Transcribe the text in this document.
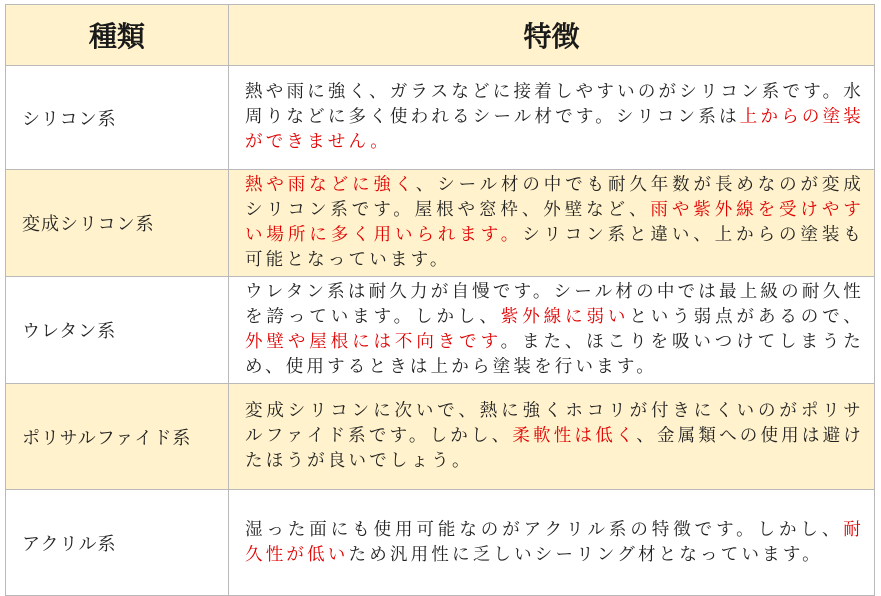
種類	特徴
シリコン系	熱や雨に強く、ガラスなどに接着しやすいのがシリコン系です。水周りなどに多く使われるシール材です。シリコン系は上からの塗装ができません。
変成シリコン系	熱や雨などに強く、シール材の中でも耐久年数が長めなのが変成シリコン系です。屋根や窓枠、外壁など、雨や紫外線を受けやすい場所に多く用いられます。シリコン系と違い、上からの塗装も可能となっています。
ウレタン系	ウレタン系は耐久力が自慢です。シール材の中では最上級の耐久性を誇っています。しかし、紫外線に弱いという弱点があるので、外壁や屋根には不向きです。また、ほこりを吸いつけてしまうため、使用するときは上から塗装を行います。
ポリサルファイド系	変成シリコンに次いで、熱に強くホコリが付きにくいのがポリサルファイド系です。しかし、柔軟性は低く、金属類への使用は避けたほうが良いでしょう。
アクリル系	湿った面にも使用可能なのがアクリル系の特徴です。しかし、耐久性が低いため汎用性に乏しいシーリング材となっています。
